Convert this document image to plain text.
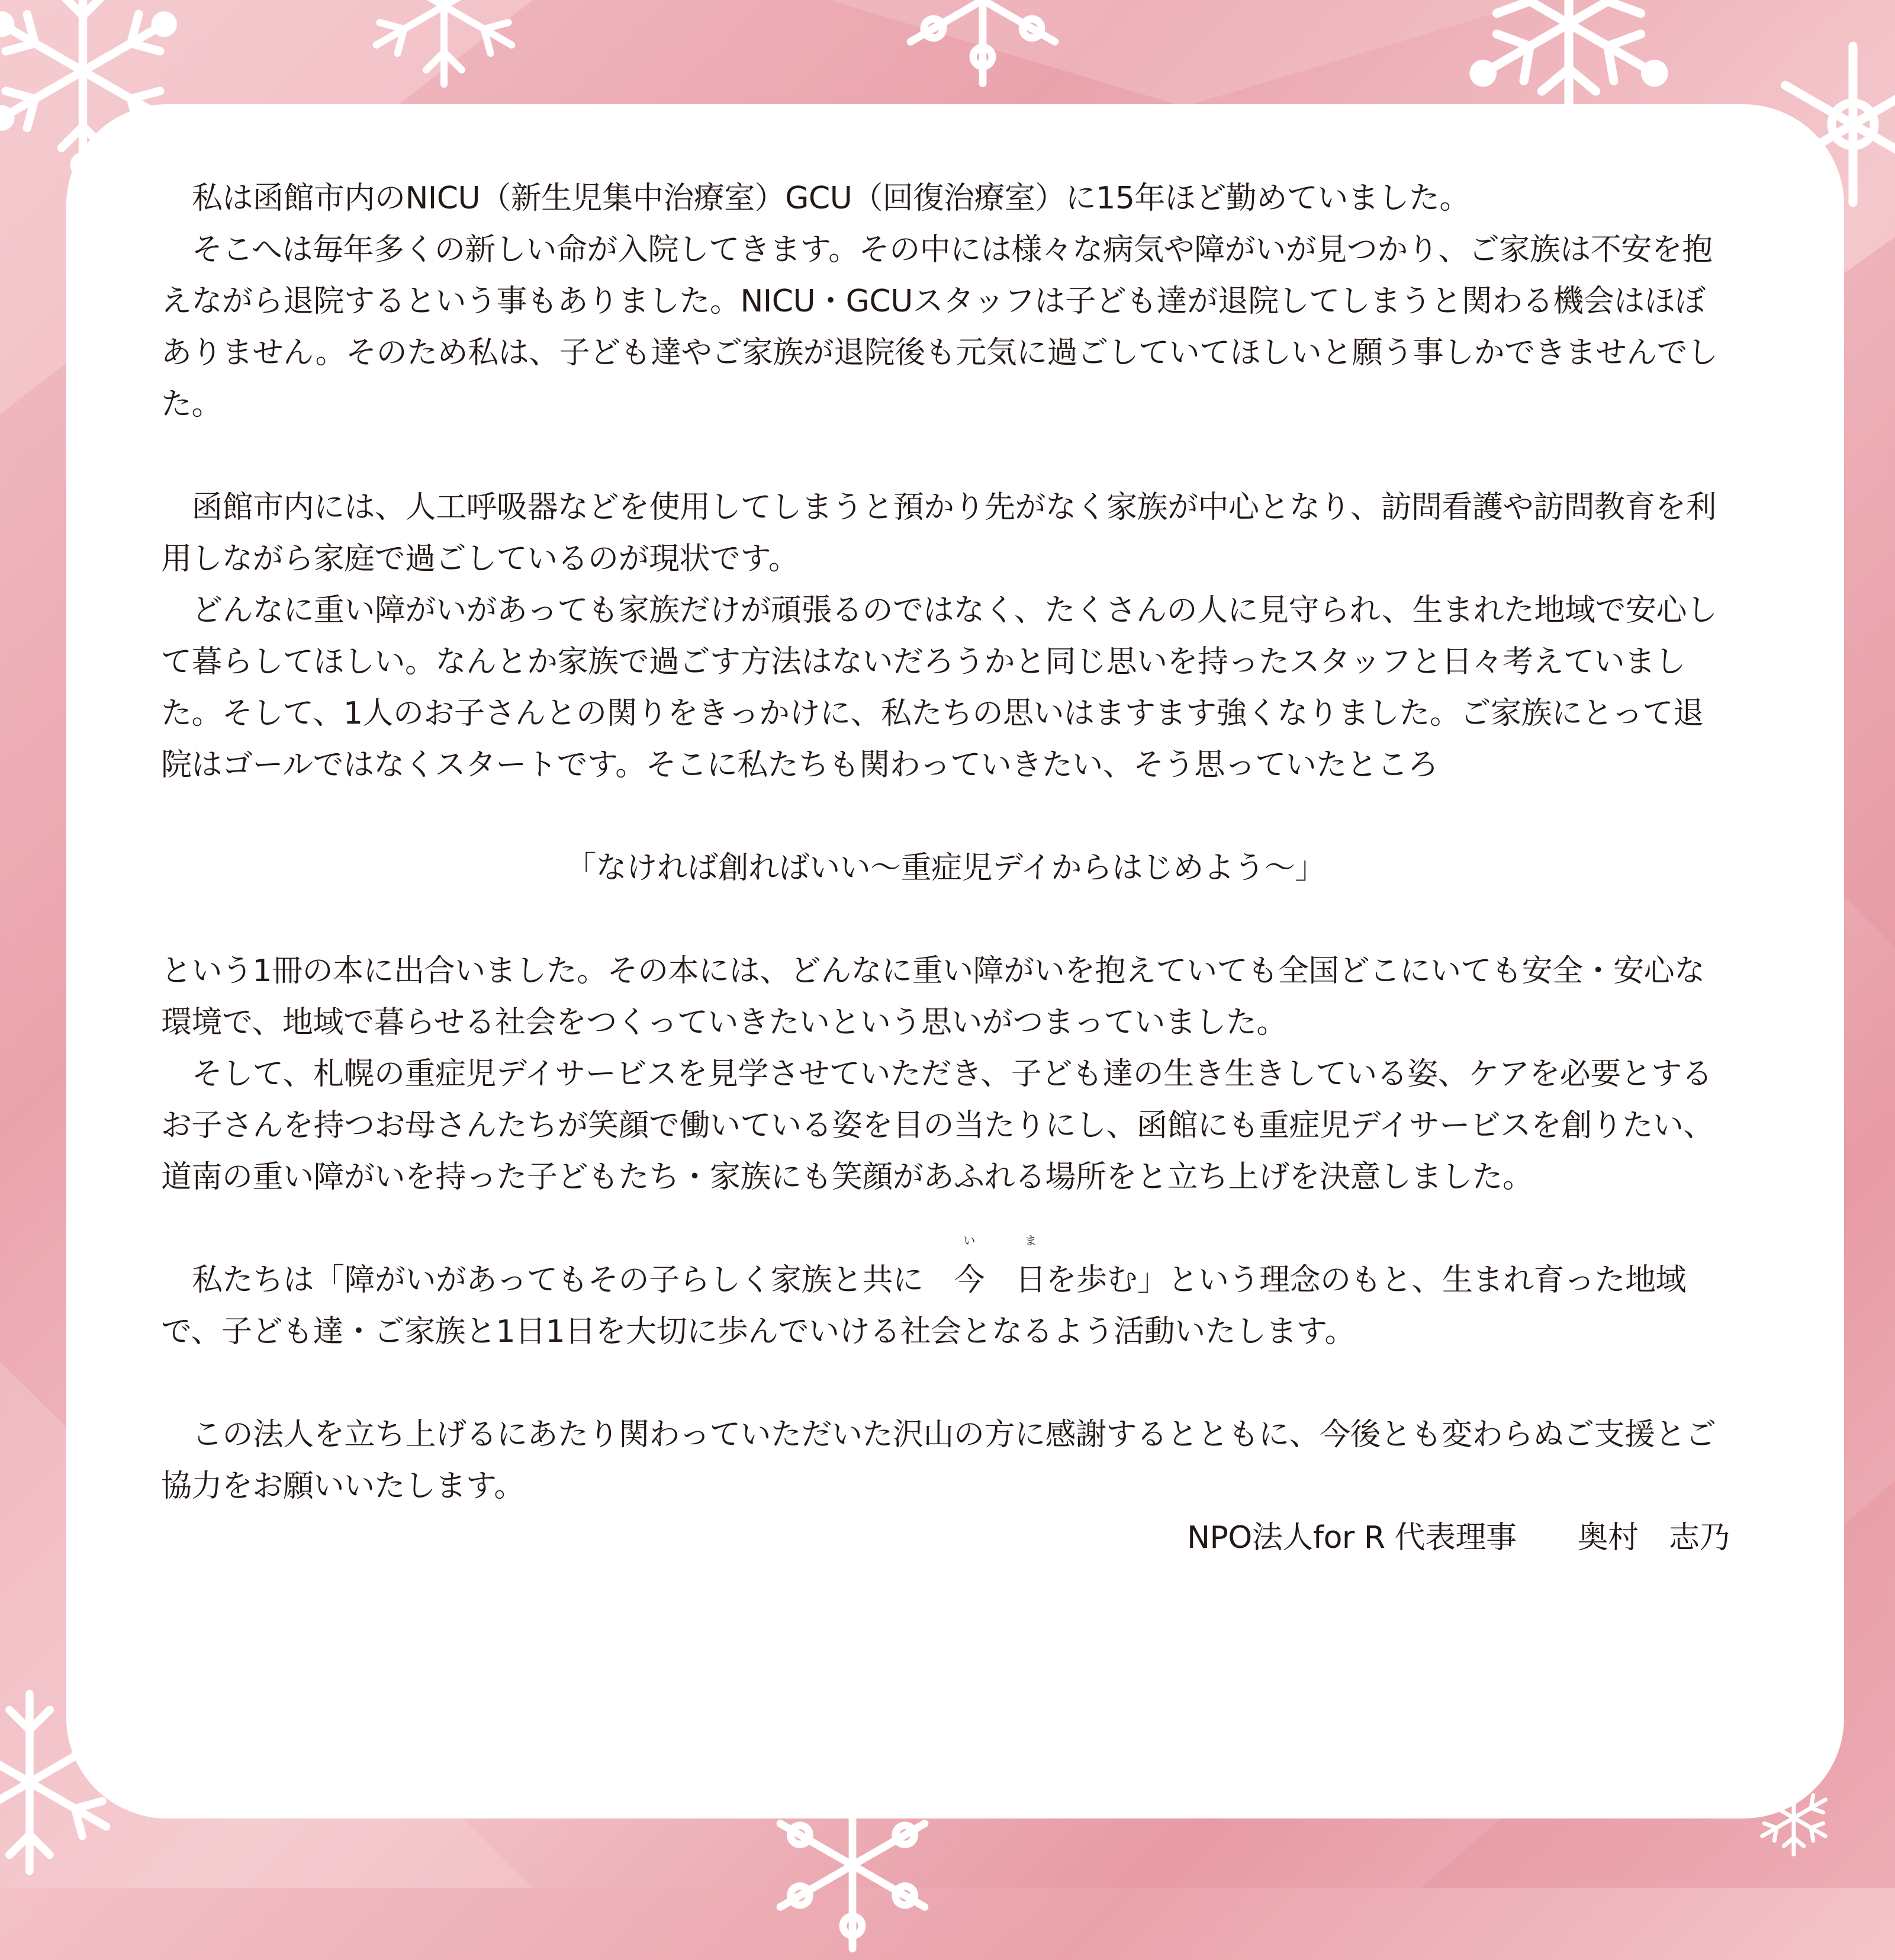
私は函館市内のNICU（新生児集中治療室）GCU（回復治療室）に15年ほど勤めていました。

そこへは毎年多くの新しい命が入院してきます。その中には様々な病気や障がいが見つかり、ご家族は不安を抱えながら退院するという事もありました。NICU・GCUスタッフは子ども達が退院してしまうと関わる機会はほぼありません。そのため私は、子ども達やご家族が退院後も元気に過ごしていてほしいと願う事しかできませんでした。

函館市内には、人工呼吸器などを使用してしまうと預かり先がなく家族が中心となり、訪問看護や訪問教育を利用しながら家庭で過ごしているのが現状です。

どんなに重い障がいがあっても家族だけが頑張るのではなく、たくさんの人に見守られ、生まれた地域で安心して暮らしてほしい。なんとか家族で過ごす方法はないだろうかと同じ思いを持ったスタッフと日々考えていました。そして、1人のお子さんとの関りをきっかけに、私たちの思いはますます強くなりました。ご家族にとって退院はゴールではなくスタートです。そこに私たちも関わっていきたい、そう思っていたところ

「なければ創ればいい〜重症児デイからはじめよう〜」

という1冊の本に出合いました。その本には、どんなに重い障がいを抱えていても全国どこにいても安全・安心な環境で、地域で暮らせる社会をつくっていきたいという思いがつまっていました。

そして、札幌の重症児デイサービスを見学させていただき、子ども達の生き生きしている姿、ケアを必要とするお子さんを持つお母さんたちが笑顔で働いている姿を目の当たりにし、函館にも重症児デイサービスを創りたい、道南の重い障がいを持った子どもたち・家族にも笑顔があふれる場所をと立ち上げを決意しました。

私たちは「障がいがあってもその子らしく家族と共に
い
今
ま
日を歩む」という理念のもと、生まれ育った地域で、子ども達・ご家族と1日1日を大切に歩んでいける社会となるよう活動いたします。

この法人を立ち上げるにあたり関わっていただいた沢山の方に感謝するとともに、今後とも変わらぬご支援とご協力をお願いいたします。

NPO法人for R 代表理事　　奥村　志乃
